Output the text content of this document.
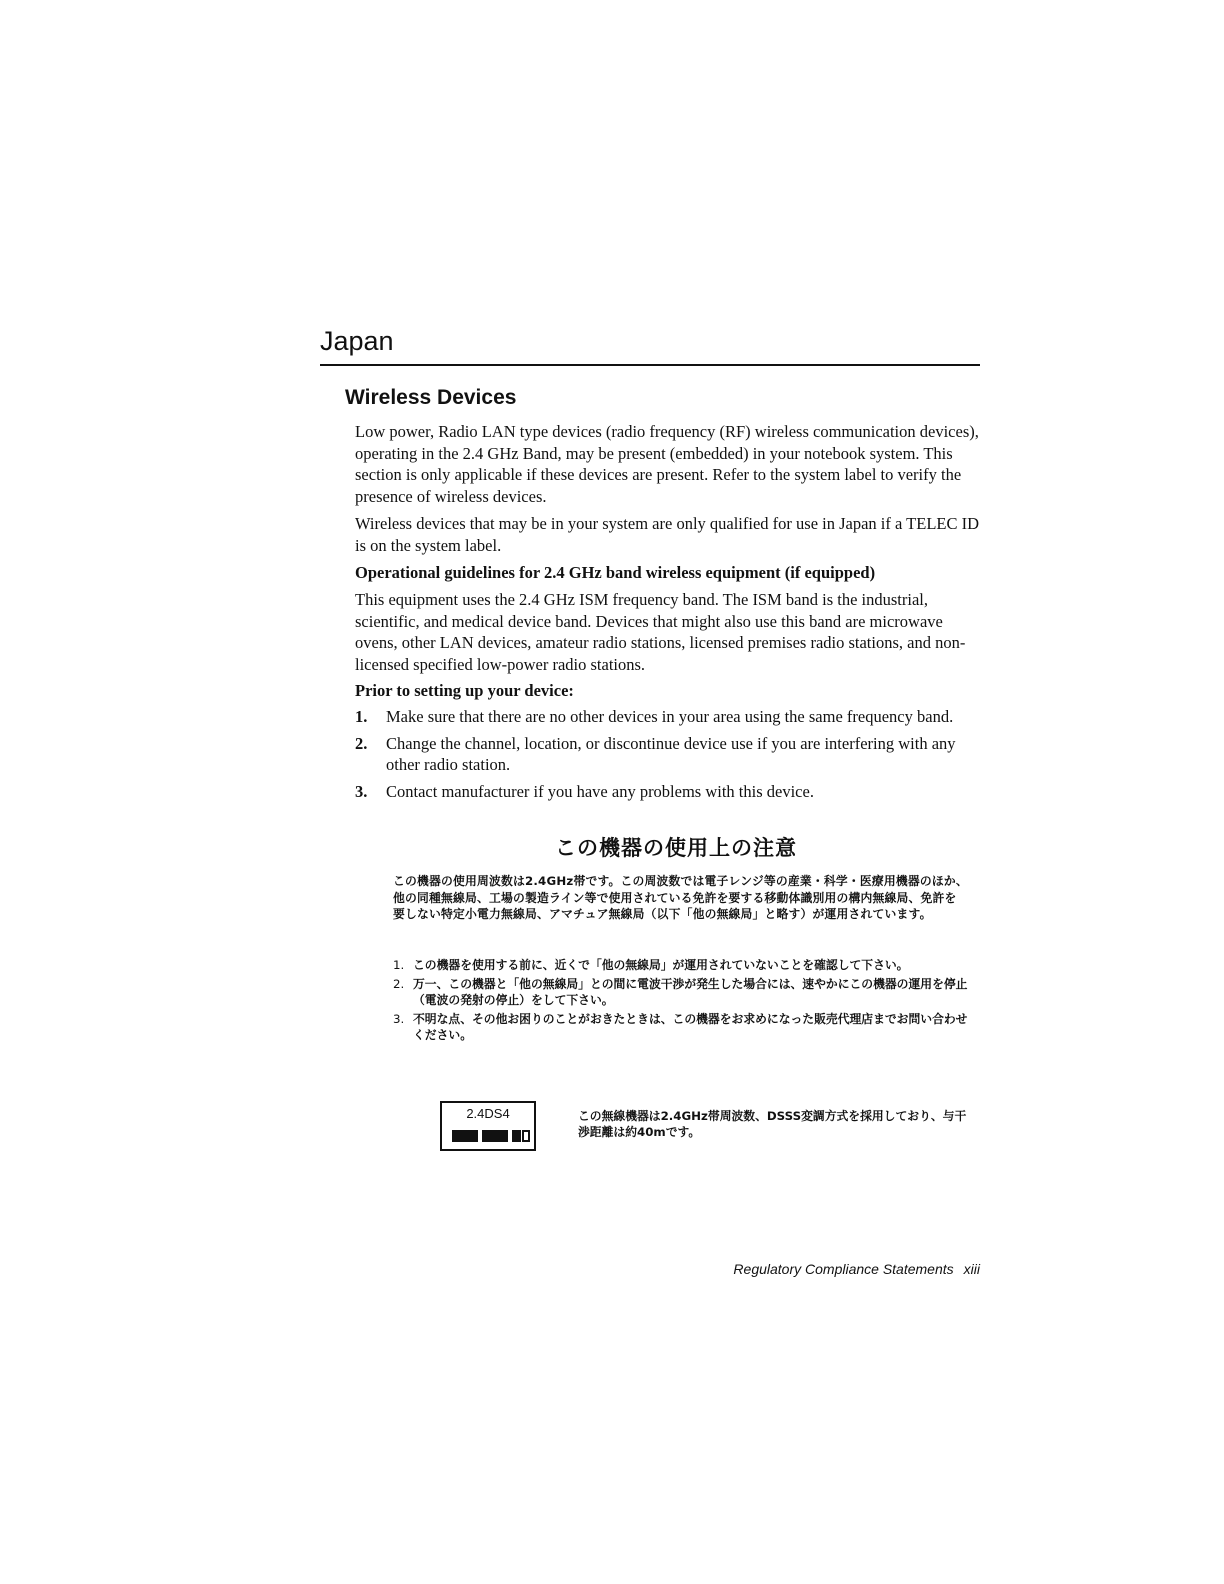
Japan
Wireless Devices

Low power, Radio LAN type devices (radio frequency (RF) wireless communication devices), operating in the 2.4 GHz Band, may be present (embedded) in your notebook system. This section is only applicable if these devices are present. Refer to the system label to verify the presence of wireless devices.

Wireless devices that may be in your system are only qualified for use in Japan if a TELEC ID is on the system label.

Operational guidelines for 2.4 GHz band wireless equipment (if equipped)

This equipment uses the 2.4 GHz ISM frequency band. The ISM band is the industrial, scientific, and medical device band. Devices that might also use this band are microwave ovens, other LAN devices, amateur radio stations, licensed premises radio stations, and non-licensed specified low-power radio stations.

Prior to setting up your device:

1. Make sure that there are no other devices in your area using the same frequency band.
2. Change the channel, location, or discontinue device use if you are interfering with any other radio station.
3. Contact manufacturer if you have any problems with this device.
この機器の使用上の注意

この機器の使用周波数は2.4GHz帯です。この周波数では電子レンジ等の産業・科学・医療用機器のほか、他の同種無線局、工場の製造ライン等で使用されている免許を要する移動体識別用の構内無線局、免許を要しない特定小電力無線局、アマチュア無線局（以下「他の無線局」と略す）が運用されています。

1. この機器を使用する前に、近くで「他の無線局」が運用されていないことを確認して下さい。
2. 万一、この機器と「他の無線局」との間に電波干渉が発生した場合には、速やかにこの機器の運用を停止（電波の発射の停止）をして下さい。
3. 不明な点、その他お困りのことがおきたときは、この機器をお求めになった販売代理店までお問い合わせください。
2.4DS4	この無線機器は2.4GHz帯周波数、DSSS変調方式を採用しており、与干渉距離は約40mです。

Regulatory Compliance Statements xiii
